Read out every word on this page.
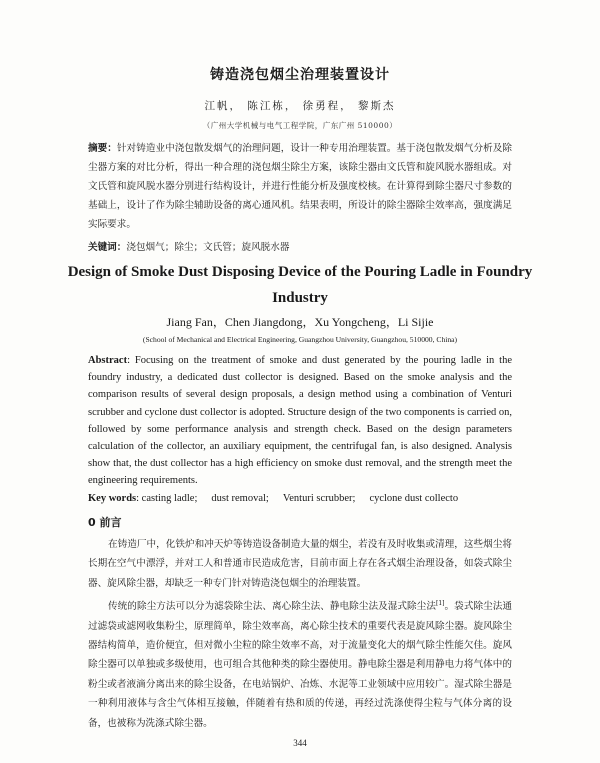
铸造浇包烟尘治理装置设计
江帆， 陈江栋， 徐勇程， 黎斯杰
（广州大学机械与电气工程学院，广东广州 510000）
摘要：针对铸造业中浇包散发烟气的治理问题，设计一种专用治理装置。基于浇包散发烟气分析及除尘器方案的对比分析，得出一种合理的浇包烟尘除尘方案，该除尘器由文氏管和旋风脱水器组成。对文氏管和旋风脱水器分别进行结构设计，并进行性能分析及强度校核。在计算得到除尘器尺寸参数的基础上，设计了作为除尘辅助设备的离心通风机。结果表明，所设计的除尘器除尘效率高，强度满足实际要求。
关键词：浇包烟气；除尘；文氏管；旋风脱水器
Design of Smoke Dust Disposing Device of the Pouring Ladle in Foundry Industry
Jiang Fan，Chen Jiangdong，Xu Yongcheng，Li Sijie
(School of Mechanical and Electrical Engineering, Guangzhou University, Guangzhou, 510000, China)
Abstract: Focusing on the treatment of smoke and dust generated by the pouring ladle in the foundry industry, a dedicated dust collector is designed. Based on the smoke analysis and the comparison results of several design proposals, a design method using a combination of Venturi scrubber and cyclone dust collector is adopted. Structure design of the two components is carried on, followed by some performance analysis and strength check. Based on the design parameters calculation of the collector, an auxiliary equipment, the centrifugal fan, is also designed. Analysis show that, the dust collector has a high efficiency on smoke dust removal, and the strength meet the engineering requirements.
Key words: casting ladle; dust removal; Venturi scrubber; cyclone dust collecto
0 前言

在铸造厂中，化铁炉和冲天炉等铸造设备制造大量的烟尘，若没有及时收集或清理，这些烟尘将长期在空气中漂浮，并对工人和普通市民造成危害，目前市面上存在各式烟尘治理设备，如袋式除尘器、旋风除尘器，却缺乏一种专门针对铸造浇包烟尘的治理装置。

传统的除尘方法可以分为滤袋除尘法、离心除尘法、静电除尘法及湿式除尘法[1]。袋式除尘法通过滤袋或滤网收集粉尘，原理简单，除尘效率高，离心除尘技术的重要代表是旋风除尘器。旋风除尘器结构简单，造价便宜，但对微小尘粒的除尘效率不高，对于流量变化大的烟气除尘性能欠佳。旋风除尘器可以单独或多级使用，也可组合其他种类的除尘器使用。静电除尘器是利用静电力将气体中的粉尘或者液滴分离出来的除尘设备，在电站锅炉、冶炼、水泥等工业领域中应用较广。湿式除尘器是一种利用液体与含尘气体相互接触，伴随着有热和质的传递，再经过洗涤使得尘粒与气体分离的设备，也被称为洗涤式除尘器。

344
